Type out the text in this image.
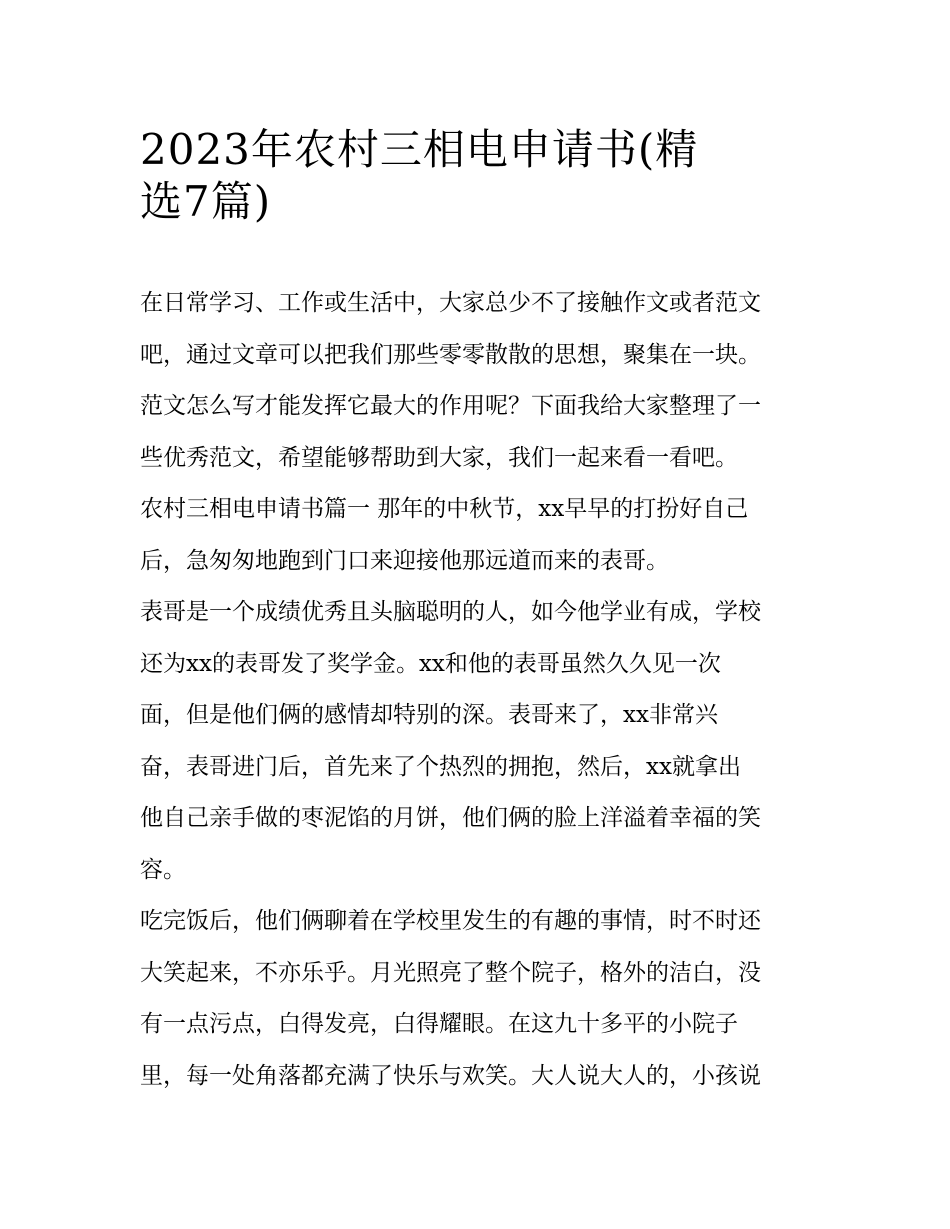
2023年农村三相电申请书(精
选7篇)
在日常学习、工作或生活中，大家总少不了接触作文或者范文
吧，通过文章可以把我们那些零零散散的思想，聚集在一块。
范文怎么写才能发挥它最大的作用呢？下面我给大家整理了一
些优秀范文，希望能够帮助到大家，我们一起来看一看吧。
农村三相电申请书篇一 那年的中秋节，xx早早的打扮好自己
后，急匆匆地跑到门口来迎接他那远道而来的表哥。
表哥是一个成绩优秀且头脑聪明的人，如今他学业有成，学校
还为xx的表哥发了奖学金。xx和他的表哥虽然久久见一次
面，但是他们俩的感情却特别的深。表哥来了，xx非常兴
奋，表哥进门后，首先来了个热烈的拥抱，然后，xx就拿出
他自己亲手做的枣泥馅的月饼，他们俩的脸上洋溢着幸福的笑
容。
吃完饭后，他们俩聊着在学校里发生的有趣的事情，时不时还
大笑起来，不亦乐乎。月光照亮了整个院子，格外的洁白，没
有一点污点，白得发亮，白得耀眼。在这九十多平的小院子
里，每一处角落都充满了快乐与欢笑。大人说大人的，小孩说
